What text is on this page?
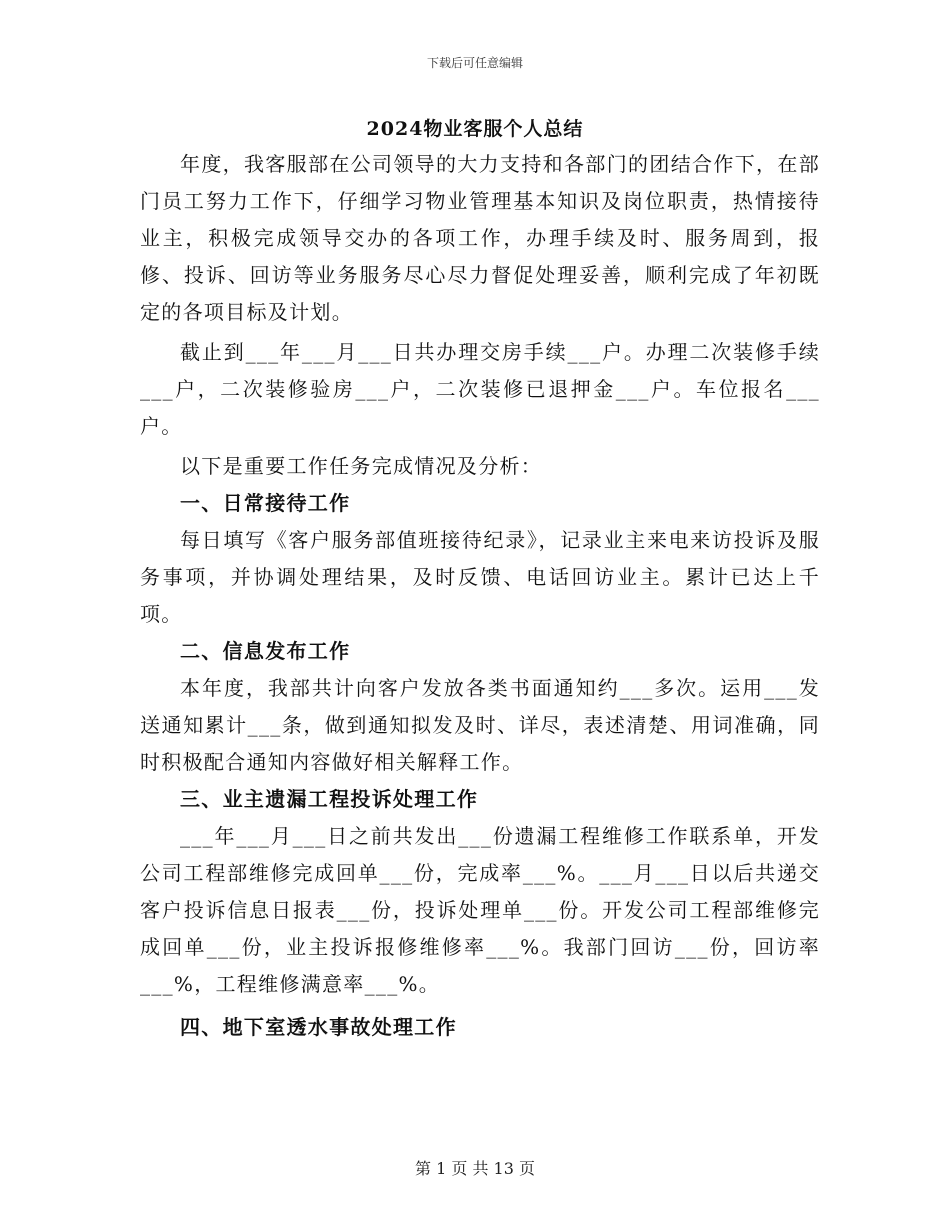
下载后可任意编辑
2024物业客服个人总结

年度，我客服部在公司领导的大力支持和各部门的团结合作下，在部门员工努力工作下，仔细学习物业管理基本知识及岗位职责，热情接待业主，积极完成领导交办的各项工作，办理手续及时、服务周到，报修、投诉、回访等业务服务尽心尽力督促处理妥善，顺利完成了年初既定的各项目标及计划。

截止到___年___月___日共办理交房手续___户。办理二次装修手续___户，二次装修验房___户，二次装修已退押金___户。车位报名___户。

以下是重要工作任务完成情况及分析：

一、日常接待工作

每日填写《客户服务部值班接待纪录》，记录业主来电来访投诉及服务事项，并协调处理结果，及时反馈、电话回访业主。累计已达上千项。

二、信息发布工作

本年度，我部共计向客户发放各类书面通知约___多次。运用___发送通知累计___条，做到通知拟发及时、详尽，表述清楚、用词准确，同时积极配合通知内容做好相关解释工作。

三、业主遗漏工程投诉处理工作

___年___月___日之前共发出___份遗漏工程维修工作联系单，开发公司工程部维修完成回单___份，完成率___%。___月___日以后共递交客户投诉信息日报表___份，投诉处理单___份。开发公司工程部维修完成回单___份，业主投诉报修维修率___%。我部门回访___份，回访率___%，工程维修满意率___%。

四、地下室透水事故处理工作
第 1 页 共 13 页
